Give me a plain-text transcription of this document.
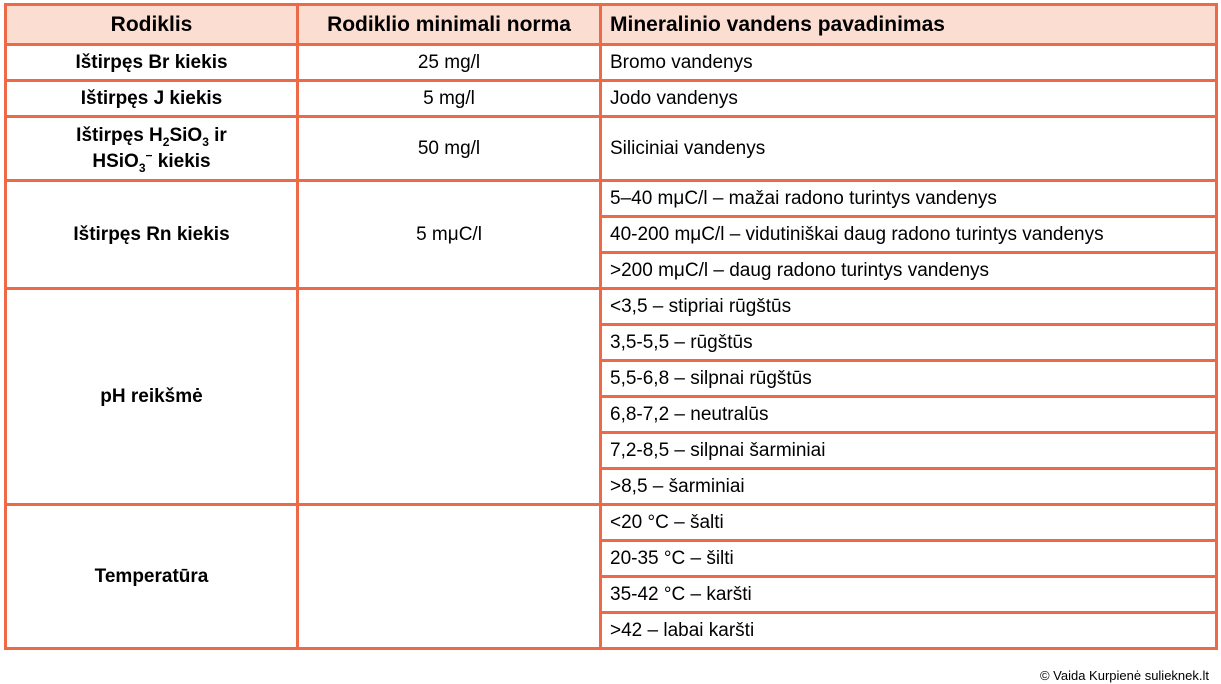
Rodiklis	Rodiklio minimali norma	Mineralinio vandens pavadinimas
Ištirpęs Br kiekis	25 mg/l	Bromo vandenys
Ištirpęs J kiekis	5 mg/l	Jodo vandenys

Ištirpęs $H_2SiO_3$ ir
HSiO$_3$− kiekis	50 mg/l	Siliciniai vandenys
Ištirpęs Rn kiekis	5 mμC/l	5–40 mμC/l – mažai radono turintys vandenys
		40-200 mμC/l – vidutiniškai daug radono turintys vandenys
		>200 mμC/l – daug radono turintys vandenys
pH reikšmė		<3,5 – stipriai rūgštūs
		3,5-5,5 – rūgštūs
		5,5-6,8 – silpnai rūgštūs
		6,8-7,2 – neutralūs
		7,2-8,5 – silpnai šarminiai
		>8,5 – šarminiai
Temperatūra		<20 °C – šalti
		20-35 °C – šilti
		35-42 °C – karšti
		>42 – labai karšti
© Vaida Kurpienė sulieknek.lt
